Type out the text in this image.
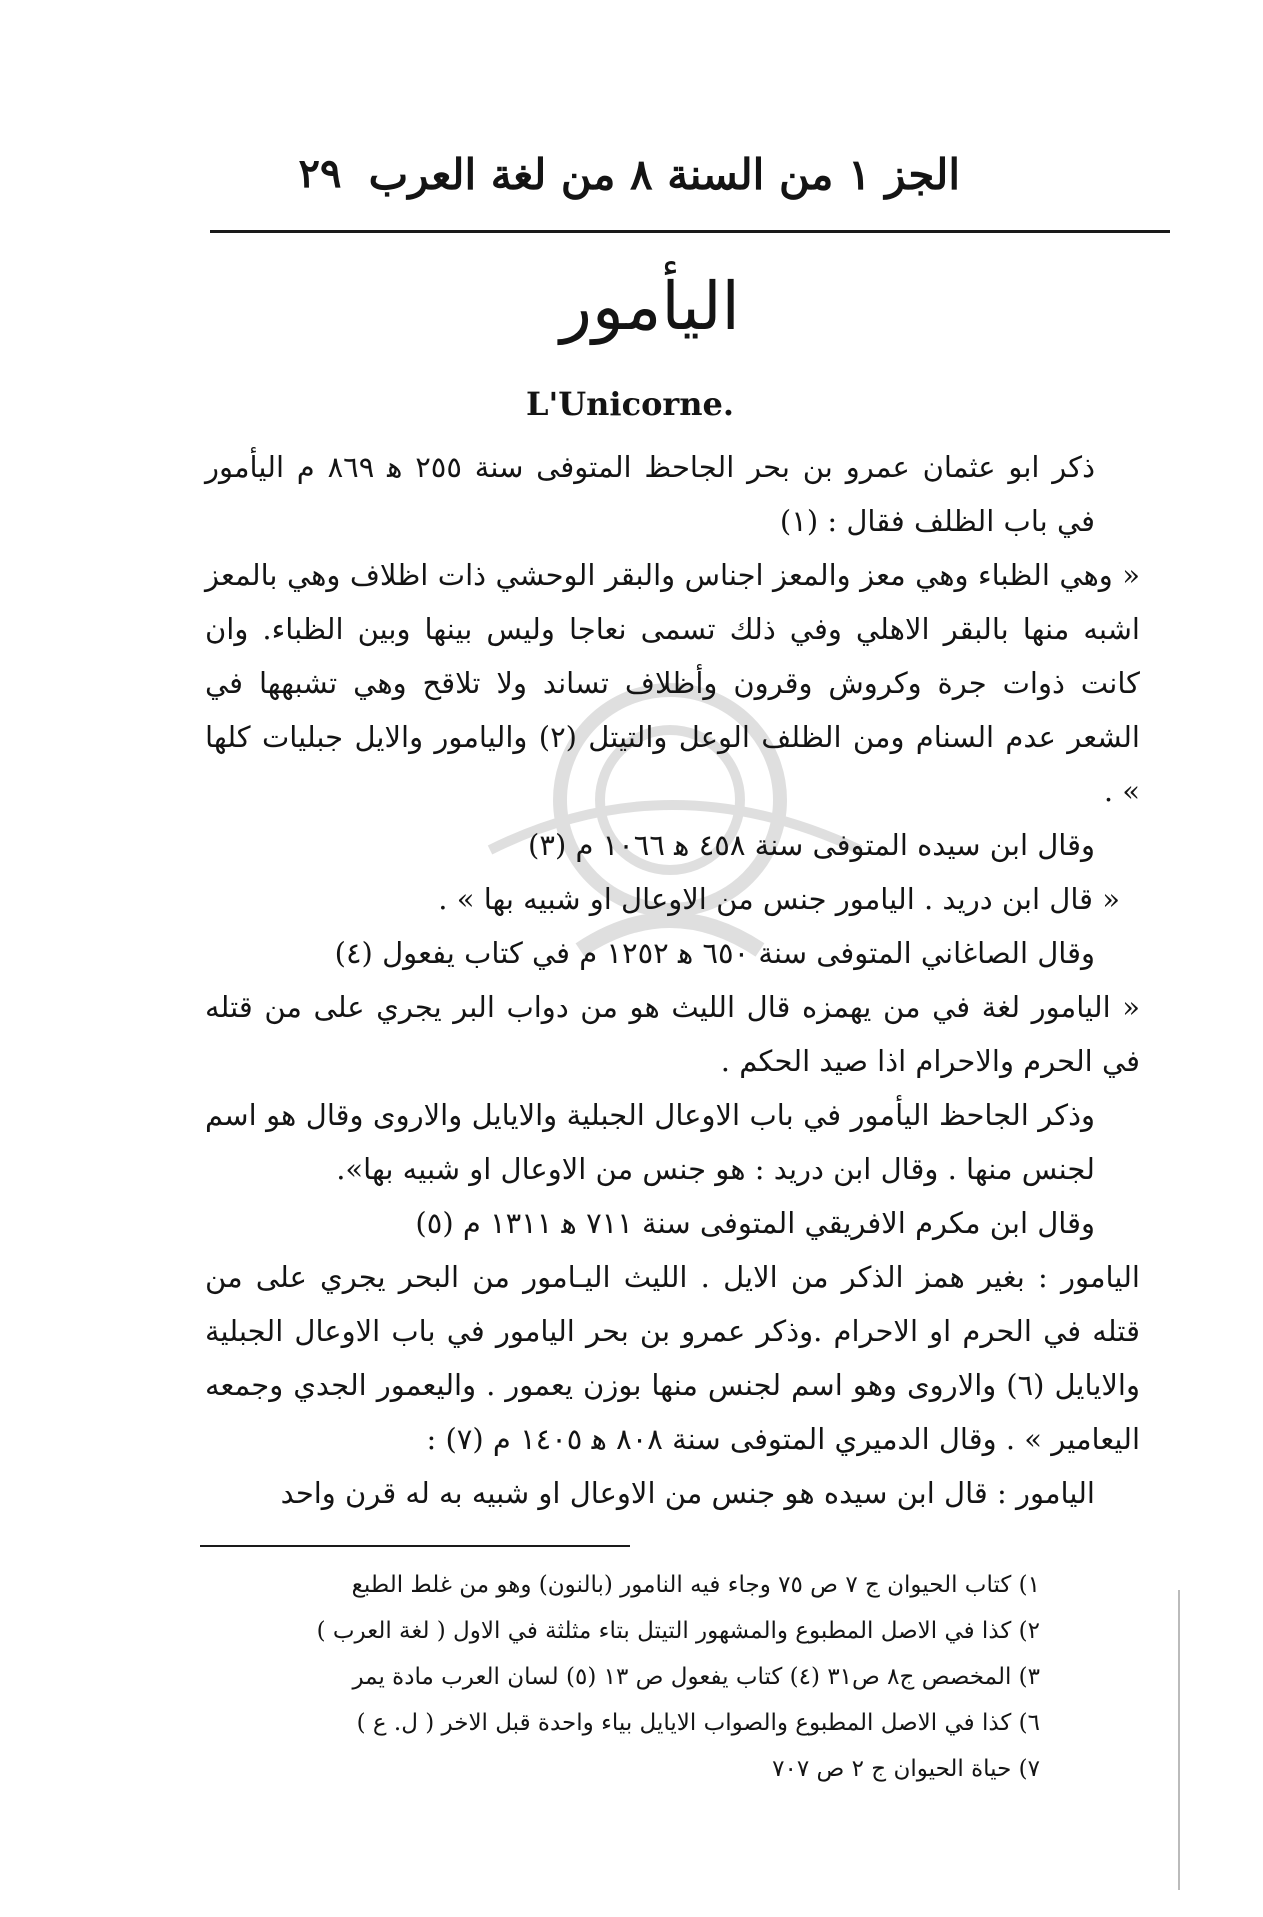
الجز ١ من السنة ٨ من لغة العرب
٢٩
اليأمور
L'Unicorne.

ذكر ابو عثمان عمرو بن بحر الجاحظ المتوفى سنة ٢٥٥ ﻫ ٨٦٩ م اليأمور في باب الظلف فقال : (١)

« وهي الظباء وهي معز والمعز اجناس والبقر الوحشي ذات اظلاف وهي بالمعز اشبه منها بالبقر الاهلي وفي ذلك تسمى نعاجا وليس بينها وبين الظباء. وان كانت ذوات جرة وكروش وقرون وأظلاف تساند ولا تلاقح وهي تشبهها في الشعر عدم السنام ومن الظلف الوعل والتيتل (٢) واليامور والايل جبليات كلها » .

وقال ابن سيده المتوفى سنة ٤٥٨ ﻫ ١٠٦٦ م (٣)

« قال ابن دريد . اليامور جنس من الاوعال او شبيه بها » .

وقال الصاغاني المتوفى سنة ٦٥٠ ﻫ ١٢٥٢ م في كتاب يفعول (٤)

« اليامور لغة في من يهمزه قال الليث هو من دواب البر يجري على من قتله في الحرم والاحرام اذا صيد الحكم .

وذكر الجاحظ اليأمور في باب الاوعال الجبلية والايايل والاروى وقال هو اسم لجنس منها . وقال ابن دريد : هو جنس من الاوعال او شبيه بها».

وقال ابن مكرم الافريقي المتوفى سنة ٧١١ ﻫ ١٣١١ م (٥)

اليامور : بغير همز الذكر من الايل . الليث اليـامور من البحر يجري على من قتله في الحرم او الاحرام .وذكر عمرو بن بحر اليامور في باب الاوعال الجبلية والايايل (٦) والاروى وهو اسم لجنس منها بوزن يعمور . واليعمور الجدي وجمعه اليعامير » . وقال الدميري المتوفى سنة ٨٠٨ ﻫ ١٤٠٥ م (٧) :

اليامور : قال ابن سيده هو جنس من الاوعال او شبيه به له قرن واحد

١) كتاب الحيوان ج ٧ ص ٧٥ وجاء فيه النامور (بالنون) وهو من غلط الطبع

٢) كذا في الاصل المطبوع والمشهور التيتل بتاء مثلثة في الاول ( لغة العرب )

٣) المخصص ج٨ ص٣١ (٤) كتاب يفعول ص ١٣ (٥) لسان العرب مادة يمر

٦) كذا في الاصل المطبوع والصواب الايايل بياء واحدة قبل الاخر ( ل. ع )

٧) حياة الحيوان ج ٢ ص ٧٠٧
